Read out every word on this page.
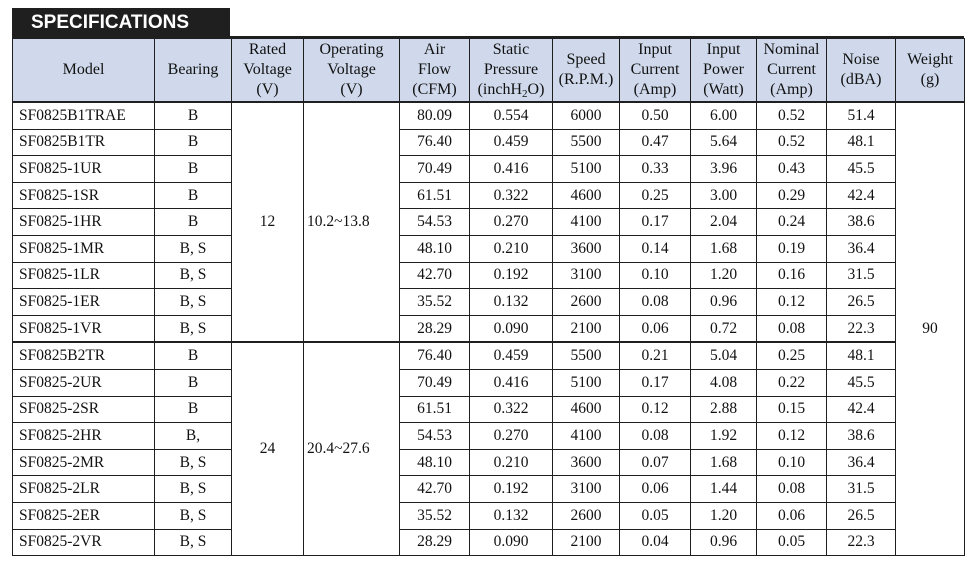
SPECIFICATIONS
Model	Bearing	Rated
Voltage
(V)	Operating
Voltage
(V)	Air
Flow
(CFM)	Static
Pressure
(inchH$_2$O)	Speed
(R.P.M.)	Input
Current
(Amp)	Input
Power
(Watt)	Nominal
Current
(Amp)	Noise
(dBA)	Weight
(g)

SF0825B1TRAE	B	12	10.2~13.8	80.09	0.554	6000	0.50	6.00	0.52	51.4	90
SF0825B1TR	B			76.40	0.459	5500	0.47	5.64	0.52	48.1	
SF0825-1UR	B			70.49	0.416	5100	0.33	3.96	0.43	45.5	
SF0825-1SR	B			61.51	0.322	4600	0.25	3.00	0.29	42.4	
SF0825-1HR	B			54.53	0.270	4100	0.17	2.04	0.24	38.6	
SF0825-1MR	B, S			48.10	0.210	3600	0.14	1.68	0.19	36.4	
SF0825-1LR	B, S			42.70	0.192	3100	0.10	1.20	0.16	31.5	
SF0825-1ER	B, S			35.52	0.132	2600	0.08	0.96	0.12	26.5	
SF0825-1VR	B, S			28.29	0.090	2100	0.06	0.72	0.08	22.3	
SF0825B2TR	B	24	20.4~27.6	76.40	0.459	5500	0.21	5.04	0.25	48.1	
SF0825-2UR	B			70.49	0.416	5100	0.17	4.08	0.22	45.5	
SF0825-2SR	B			61.51	0.322	4600	0.12	2.88	0.15	42.4	
SF0825-2HR	B,			54.53	0.270	4100	0.08	1.92	0.12	38.6	
SF0825-2MR	B, S			48.10	0.210	3600	0.07	1.68	0.10	36.4	
SF0825-2LR	B, S			42.70	0.192	3100	0.06	1.44	0.08	31.5	
SF0825-2ER	B, S			35.52	0.132	2600	0.05	1.20	0.06	26.5	
SF0825-2VR	B, S			28.29	0.090	2100	0.04	0.96	0.05	22.3	
